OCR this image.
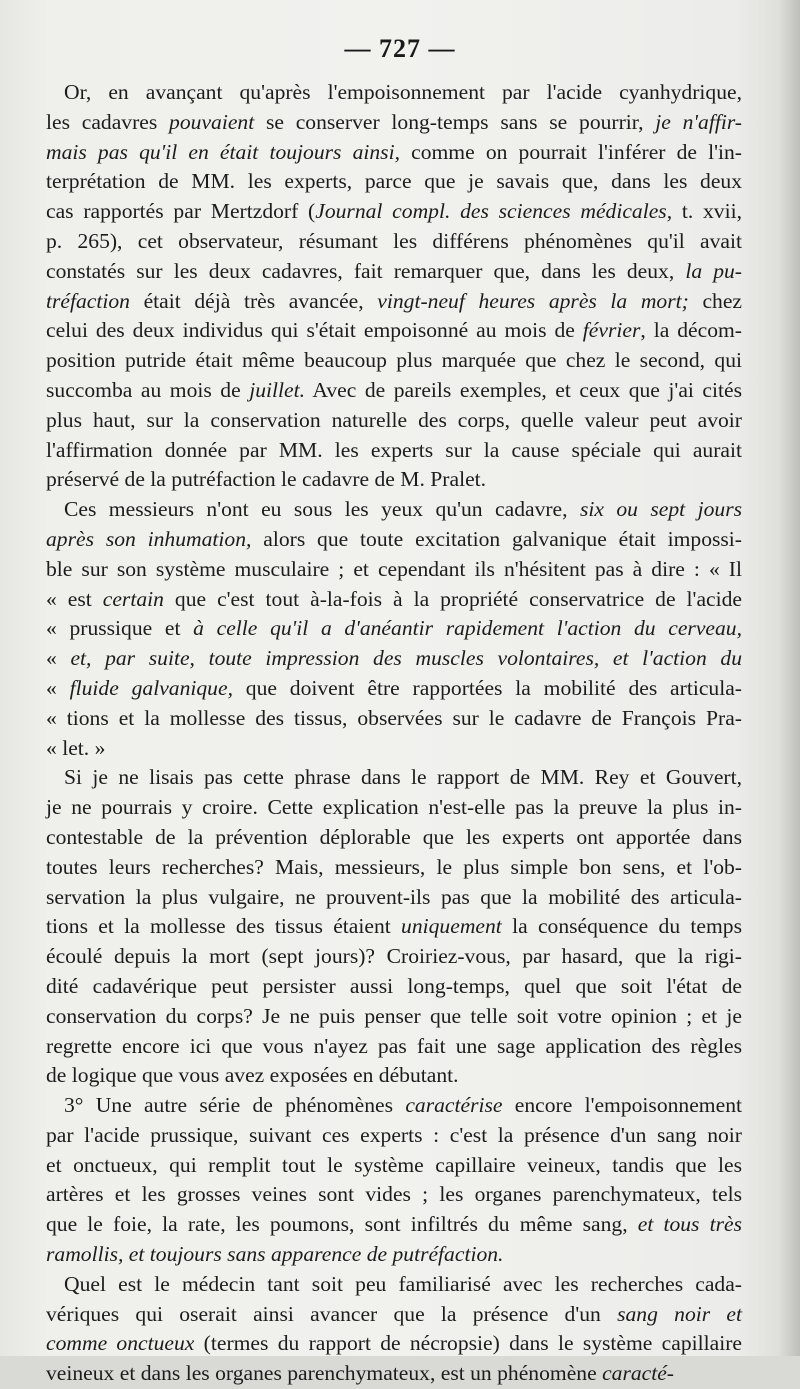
— 727 —
Or, en avançant qu'après l'empoisonnement par l'acide cyanhydrique,
les cadavres pouvaient se conserver long-temps sans se pourrir, je n'affir-
mais pas qu'il en était toujours ainsi, comme on pourrait l'inférer de l'in-
terprétation de MM. les experts, parce que je savais que, dans les deux
cas rapportés par Mertzdorf (Journal compl. des sciences médicales, t. xvii,
p. 265), cet observateur, résumant les différens phénomènes qu'il avait
constatés sur les deux cadavres, fait remarquer que, dans les deux, la pu-
tréfaction était déjà très avancée, vingt-neuf heures après la mort; chez
celui des deux individus qui s'était empoisonné au mois de février, la décom-
position putride était même beaucoup plus marquée que chez le second, qui
succomba au mois de juillet. Avec de pareils exemples, et ceux que j'ai cités
plus haut, sur la conservation naturelle des corps, quelle valeur peut avoir
l'affirmation donnée par MM. les experts sur la cause spéciale qui aurait
préservé de la putréfaction le cadavre de M. Pralet.
Ces messieurs n'ont eu sous les yeux qu'un cadavre, six ou sept jours
après son inhumation, alors que toute excitation galvanique était impossi-
ble sur son système musculaire ; et cependant ils n'hésitent pas à dire : « Il
« est certain que c'est tout à-la-fois à la propriété conservatrice de l'acide
« prussique et à celle qu'il a d'anéantir rapidement l'action du cerveau,
« et, par suite, toute impression des muscles volontaires, et l'action du
« fluide galvanique, que doivent être rapportées la mobilité des articula-
« tions et la mollesse des tissus, observées sur le cadavre de François Pra-
« let. »
Si je ne lisais pas cette phrase dans le rapport de MM. Rey et Gouvert,
je ne pourrais y croire. Cette explication n'est-elle pas la preuve la plus in-
contestable de la prévention déplorable que les experts ont apportée dans
toutes leurs recherches? Mais, messieurs, le plus simple bon sens, et l'ob-
servation la plus vulgaire, ne prouvent-ils pas que la mobilité des articula-
tions et la mollesse des tissus étaient uniquement la conséquence du temps
écoulé depuis la mort (sept jours)? Croiriez-vous, par hasard, que la rigi-
dité cadavérique peut persister aussi long-temps, quel que soit l'état de
conservation du corps? Je ne puis penser que telle soit votre opinion ; et je
regrette encore ici que vous n'ayez pas fait une sage application des règles
de logique que vous avez exposées en débutant.
3° Une autre série de phénomènes caractérise encore l'empoisonnement
par l'acide prussique, suivant ces experts : c'est la présence d'un sang noir
et onctueux, qui remplit tout le système capillaire veineux, tandis que les
artères et les grosses veines sont vides ; les organes parenchymateux, tels
que le foie, la rate, les poumons, sont infiltrés du même sang, et tous très
ramollis, et toujours sans apparence de putréfaction.
Quel est le médecin tant soit peu familiarisé avec les recherches cada-
vériques qui oserait ainsi avancer que la présence d'un sang noir et
comme onctueux (termes du rapport de nécropsie) dans le système capillaire
veineux et dans les organes parenchymateux, est un phénomène caracté-
